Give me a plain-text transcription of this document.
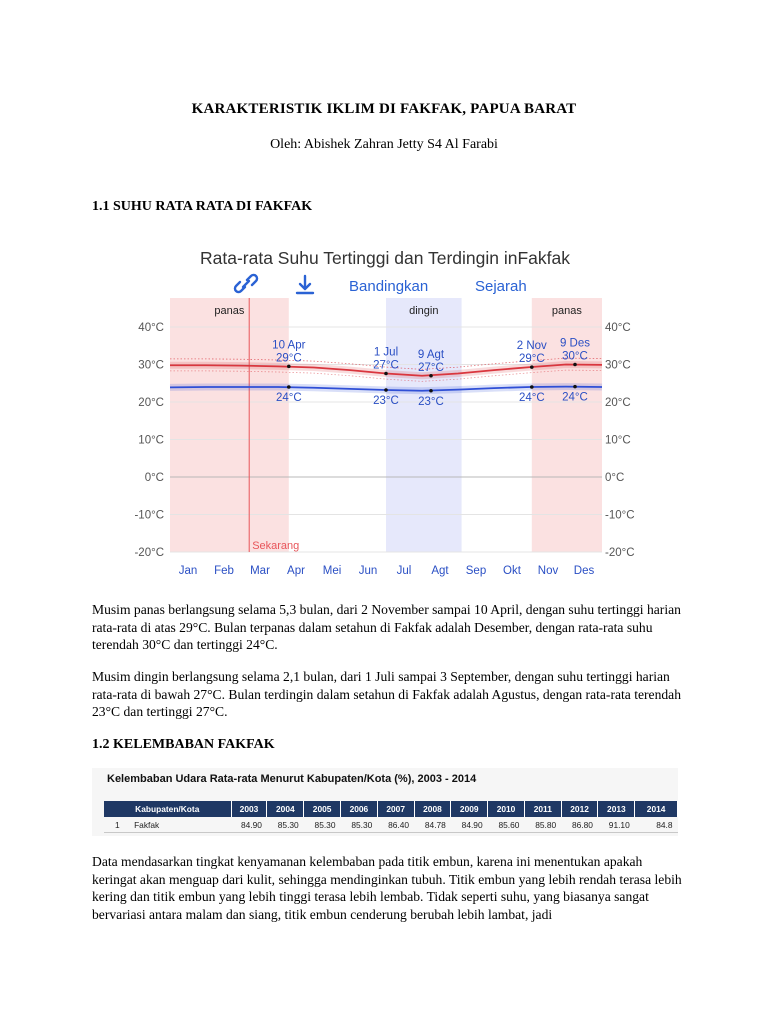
KARAKTERISTIK IKLIM DI FAKFAK, PAPUA BARAT
Oleh: Abishek Zahran Jetty S4 Al Farabi
1.1 SUHU RATA RATA DI FAKFAK
Rata-rata Suhu Tertinggi dan Terdingin inFakfak
Bandingkan	Sejarah
panas	dingin	panas
Sekarang
10 Apr
29°C
24°C
1 Jul
27°C
23°C
9 Agt
27°C
23°C
2 Nov
29°C
24°C
9 Des
30°C
24°C
40°C	40°C
30°C	30°C
20°C	20°C
10°C	10°C
0°C	0°C
-10°C	-10°C
-20°C	-20°C
Jan Feb Mar Apr Mei Jun Jul Agt Sep Okt Nov Des
Musim panas berlangsung selama 5,3 bulan, dari 2 November sampai 10 April, dengan suhu tertinggi harian rata-rata di atas 29°C. Bulan terpanas dalam setahun di Fakfak adalah Desember, dengan rata-rata suhu terendah 30°C dan tertinggi 24°C.
Musim dingin berlangsung selama 2,1 bulan, dari 1 Juli sampai 3 September, dengan suhu tertinggi harian rata-rata di bawah 27°C. Bulan terdingin dalam setahun di Fakfak adalah Agustus, dengan rata-rata terendah 23°C dan tertinggi 27°C.
1.2 KELEMBABAN FAKFAK
Kelembaban Udara Rata-rata Menurut Kabupaten/Kota (%), 2003 - 2014
Kabupaten/Kota		2003	2004	2005	2006	2007	2008	2009	2010	2011	2012	2013	2014
1	Fakfak	84.90	85.30	85.30	85.30	86.40	84.78	84.90	85.60	85.80	86.80	91.10	84.8
Data mendasarkan tingkat kenyamanan kelembaban pada titik embun, karena ini menentukan apakah keringat akan menguap dari kulit, sehingga mendinginkan tubuh. Titik embun yang lebih rendah terasa lebih kering dan titik embun yang lebih tinggi terasa lebih lembab. Tidak seperti suhu, yang biasanya sangat bervariasi antara malam dan siang, titik embun cenderung berubah lebih lambat, jadi
